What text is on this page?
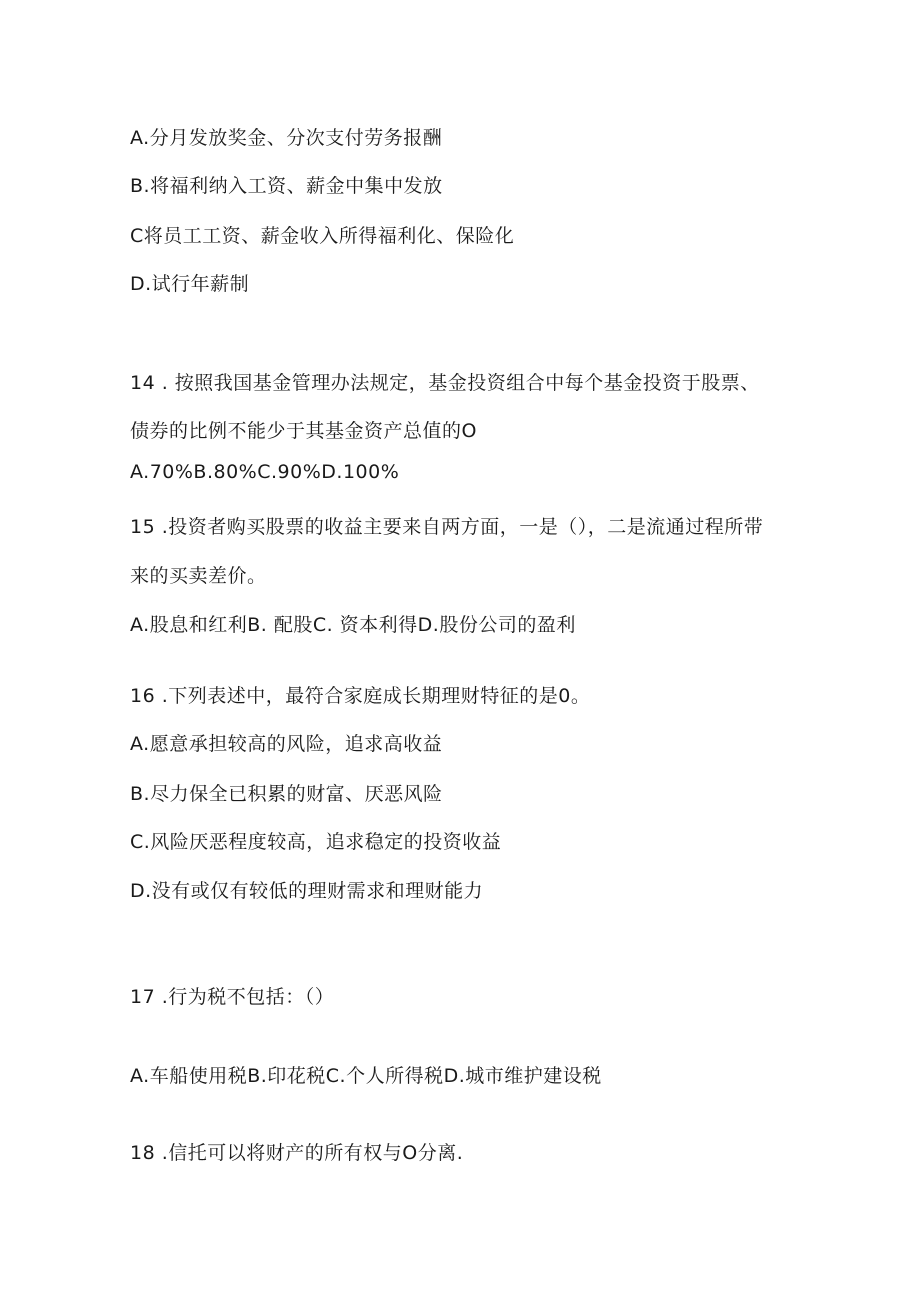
A.分月发放奖金、分次支付劳务报酬
B.将福利纳入工资、薪金中集中发放
C将员工工资、薪金收入所得福利化、保险化
D.试行年薪制
14 . 按照我国基金管理办法规定，基金投资组合中每个基金投资于股票、
债券的比例不能少于其基金资产总值的O
A.70%B.80%C.90%D.100%
15 .投资者购买股票的收益主要来自两方面，一是（），二是流通过程所带
来的买卖差价。
A.股息和红利B. 配股C. 资本利得D.股份公司的盈利
16 .下列表述中，最符合家庭成长期理财特征的是0。
A.愿意承担较高的风险，追求高收益
B.尽力保全已积累的财富、厌恶风险
C.风险厌恶程度较高，追求稳定的投资收益
D.没有或仅有较低的理财需求和理财能力
17 .行为税不包括：（）
A.车船使用税B.印花税C.个人所得税D.城市维护建设税
18 .信托可以将财产的所有权与O分离.
